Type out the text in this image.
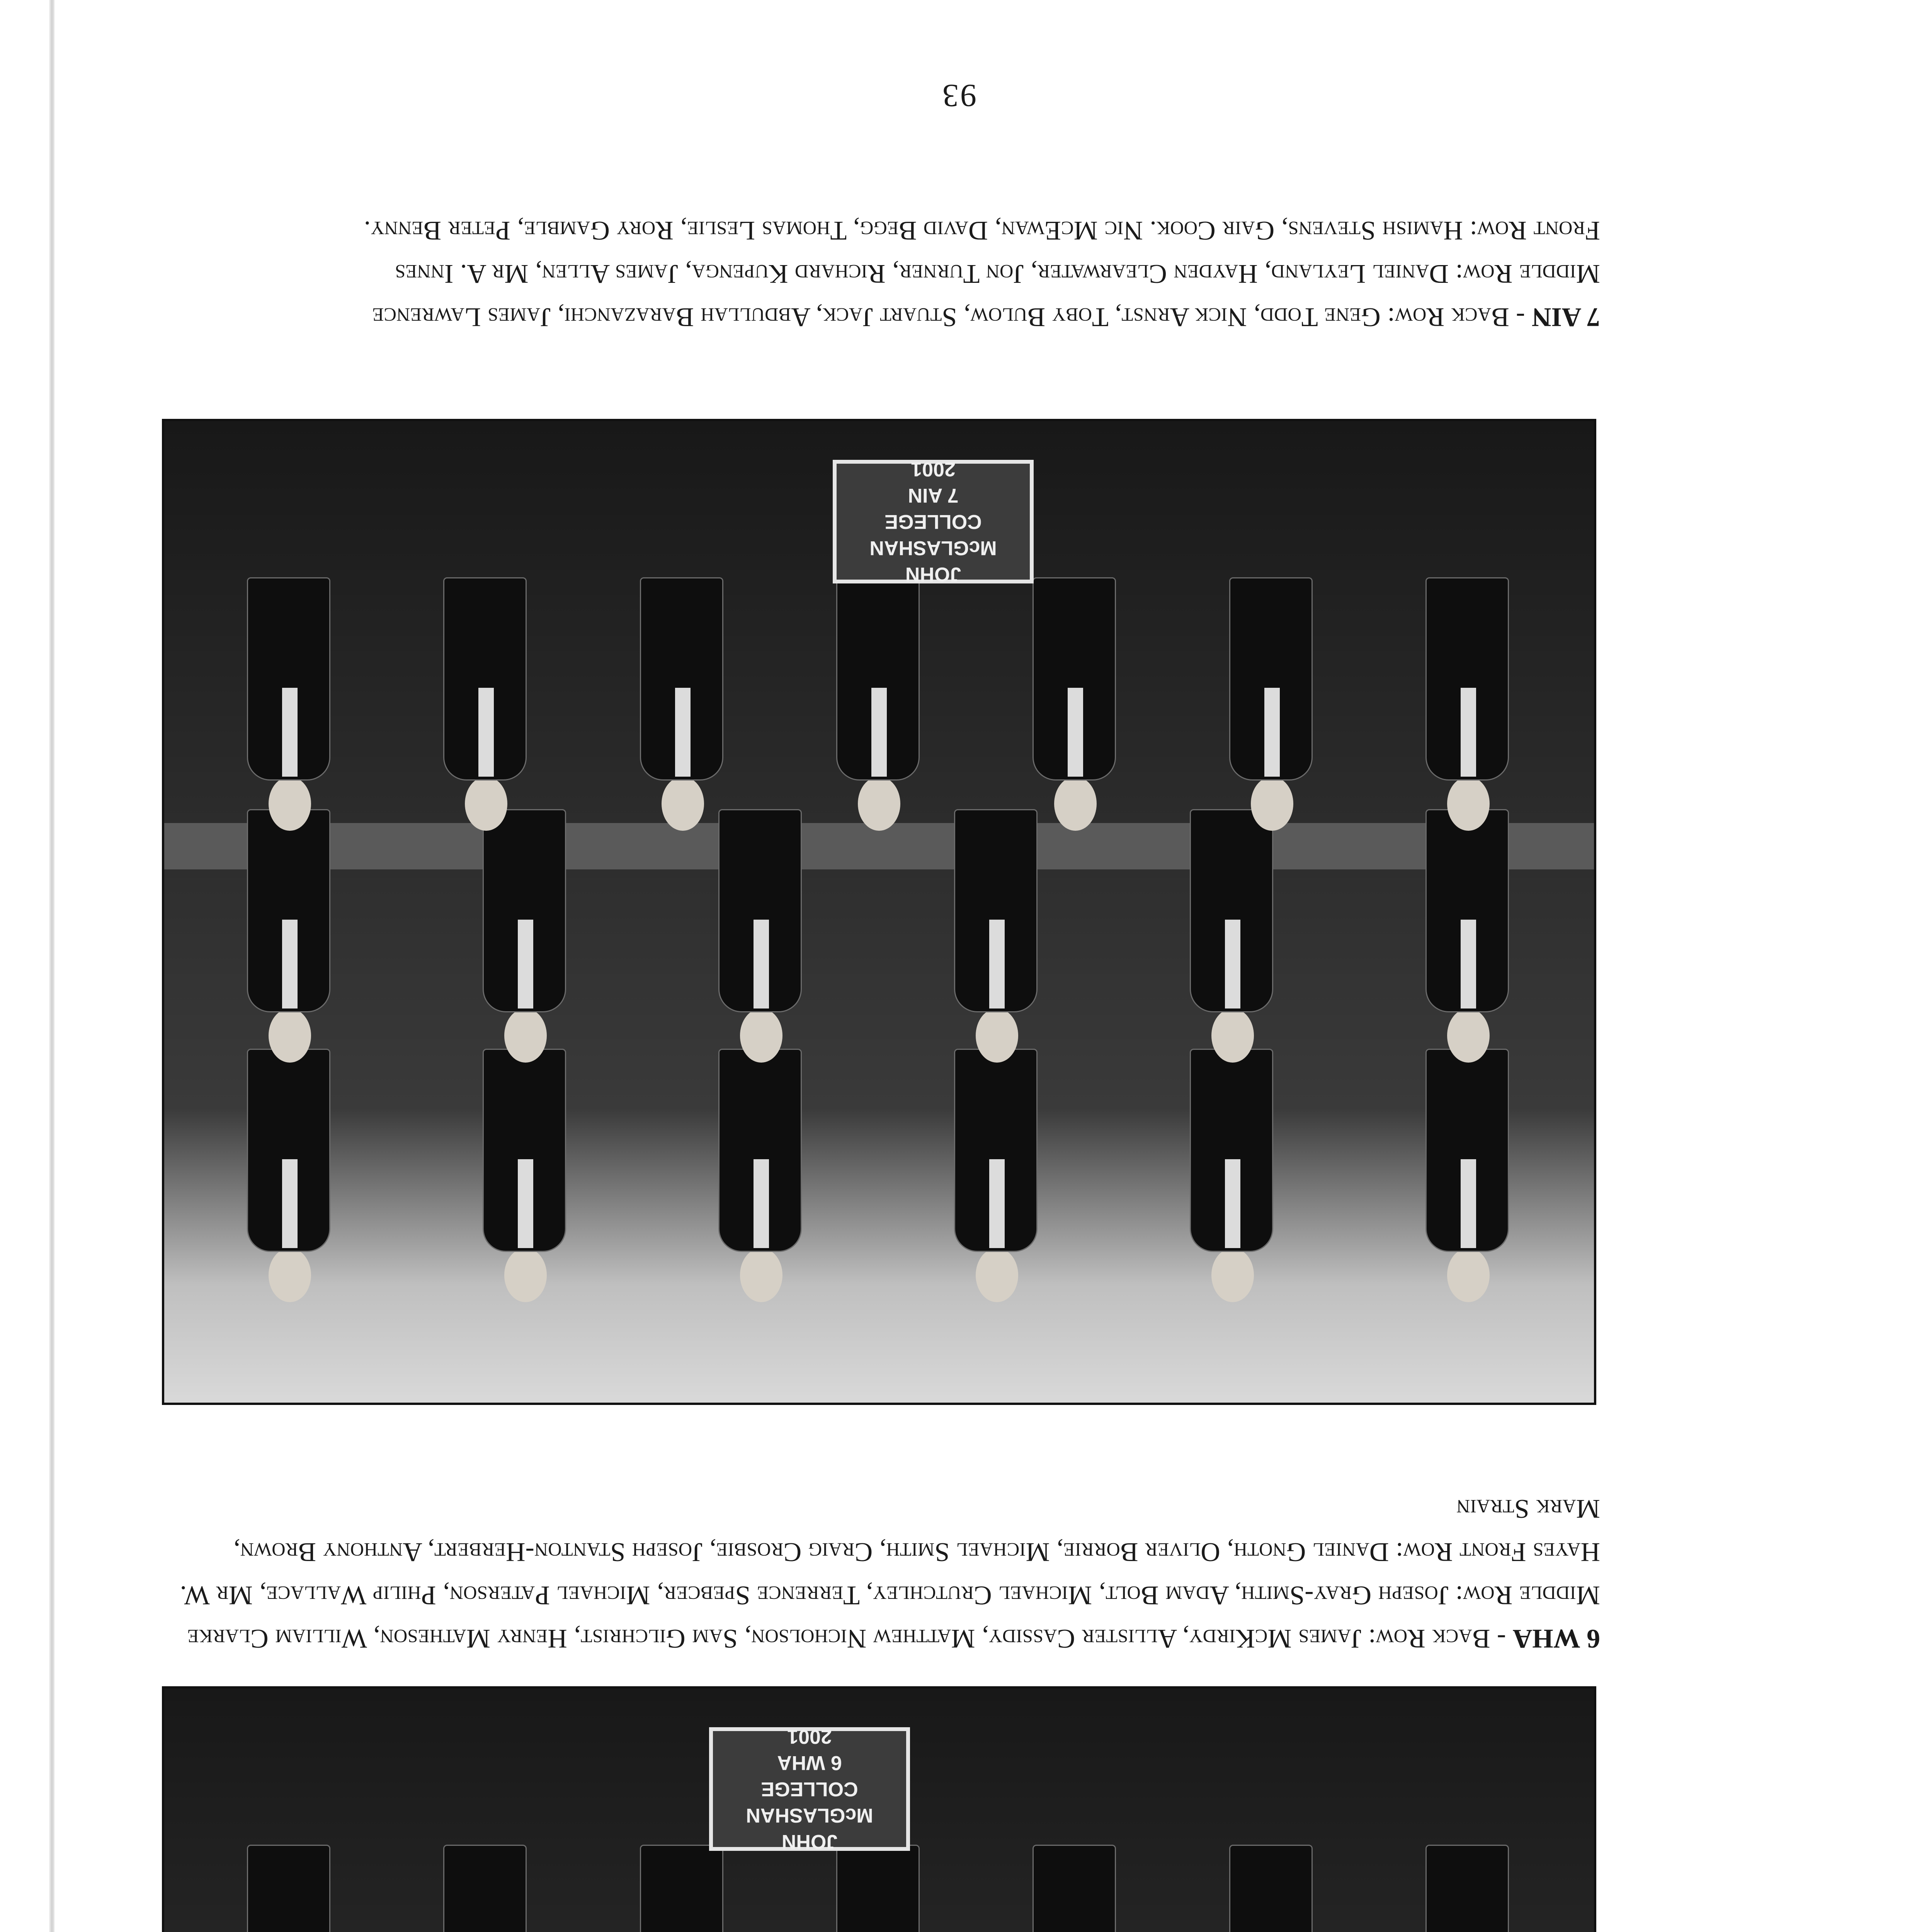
JOHN
McGLASHAN
COLLEGE
7 AIN
2001
JOHN
McGLASHAN
COLLEGE
6 WHA
2001
7 AIN - Back Row: Gene Todd, Nick Arnst, Toby Bulow, Stuart Jack, Abdullah Barazanchi, James Lawrence
Middle Row: Daniel Leyland, Hayden Clearwater, Jon Turner, Richard Kupenga, James Allen, Mr A. Innes
Front Row: Hamish Stevens, Gair Cook. Nic McEwan, David Begg, Thomas Leslie, Rory Gamble, Peter Benny.
6 WHA - Back Row: James McKirdy, Allister Cassidy, Matthew Nicholson, Sam Gilchrist, Henry Matheson, William Clarke Middle Row: Joseph Gray-Smith, Adam Bolt, Michael Crutchley, Terrence Spebcer, Michael Paterson, Philip Wallace, Mr W. Hayes Front Row: Daniel Gnoth, Oliver Borrie, Michael Smith, Craig Crosbie, Joseph Stanton-Herbert, Anthony Brown, Mark Strain
93
